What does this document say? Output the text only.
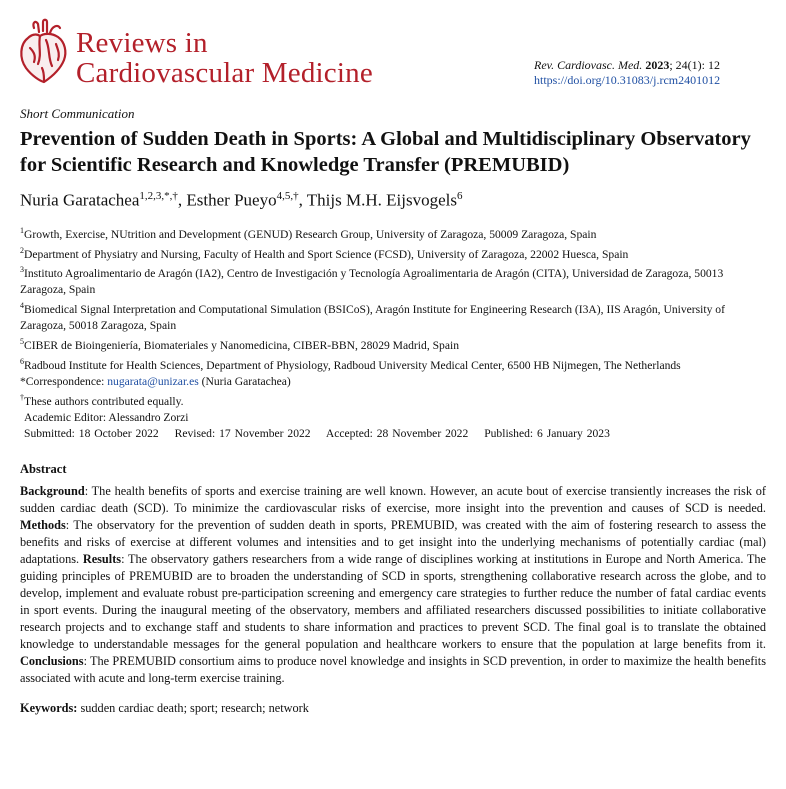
Reviews in
Cardiovascular Medicine	Rev. Cardiovasc. Med. 2023; 24(1): 12
https://doi.org/10.31083/j.rcm2401012

Short Communication

Prevention of Sudden Death in Sports: A Global and Multidisciplinary Observatory for Scientific Research and Knowledge Transfer (PREMUBID)

Nuria Garatachea$^{1,2,3,*,\dagger}$, Esther Pueyo$^{4,5,\dagger}$, Thijs M.H. Eijsvogels$^6$

$^1$Growth, Exercise, NUtrition and Development (GENUD) Research Group, University of Zaragoza, 50009 Zaragoza, Spain

$^2$Department of Physiatry and Nursing, Faculty of Health and Sport Science (FCSD), University of Zaragoza, 22002 Huesca, Spain

$^3$Instituto Agroalimentario de Aragón (IA2), Centro de Investigación y Tecnología Agroalimentaria de Aragón (CITA), Universidad de Zaragoza, 50013 Zaragoza, Spain

$^4$Biomedical Signal Interpretation and Computational Simulation (BSICoS), Aragón Institute for Engineering Research (I3A), IIS Aragón, University of Zaragoza, 50018 Zaragoza, Spain

$^5$CIBER de Bioingeniería, Biomateriales y Nanomedicina, CIBER-BBN, 28029 Madrid, Spain

$^6$Radboud Institute for Health Sciences, Department of Physiology, Radboud University Medical Center, 6500 HB Nijmegen, The Netherlands

*Correspondence: nugarata@unizar.es (Nuria Garatachea)

†These authors contributed equally.

Academic Editor: Alessandro Zorzi

Submitted: 18 October 2022 Revised: 17 November 2022 Accepted: 28 November 2022 Published: 6 January 2023

Abstract

Background: The health benefits of sports and exercise training are well known. However, an acute bout of exercise transiently increases the risk of sudden cardiac death (SCD). To minimize the cardiovascular risks of exercise, more insight into the prevention and causes of SCD is needed. Methods: The observatory for the prevention of sudden death in sports, PREMUBID, was created with the aim of fostering research to assess the benefits and risks of exercise at different volumes and intensities and to get insight into the underlying mechanisms of potentially cardiac (mal) adaptations. Results: The observatory gathers researchers from a wide range of disciplines working at institutions in Europe and North America. The guiding principles of PREMUBID are to broaden the understanding of SCD in sports, strengthening collaborative research across the globe, and to develop, implement and evaluate robust pre-participation screening and emergency care strategies to further reduce the number of fatal cardiac events in sport events. During the inaugural meeting of the observatory, members and affiliated researchers discussed possibilities to initiate collaborative research projects and to exchange staff and students to share information and practices to prevent SCD. The final goal is to translate the obtained knowledge to understandable messages for the general population and healthcare workers to ensure that the population at large benefits from it. Conclusions: The PREMUBID consortium aims to produce novel knowledge and insights in SCD prevention, in order to maximize the health benefits associated with acute and long-term exercise training.

Keywords: sudden cardiac death; sport; research; network
